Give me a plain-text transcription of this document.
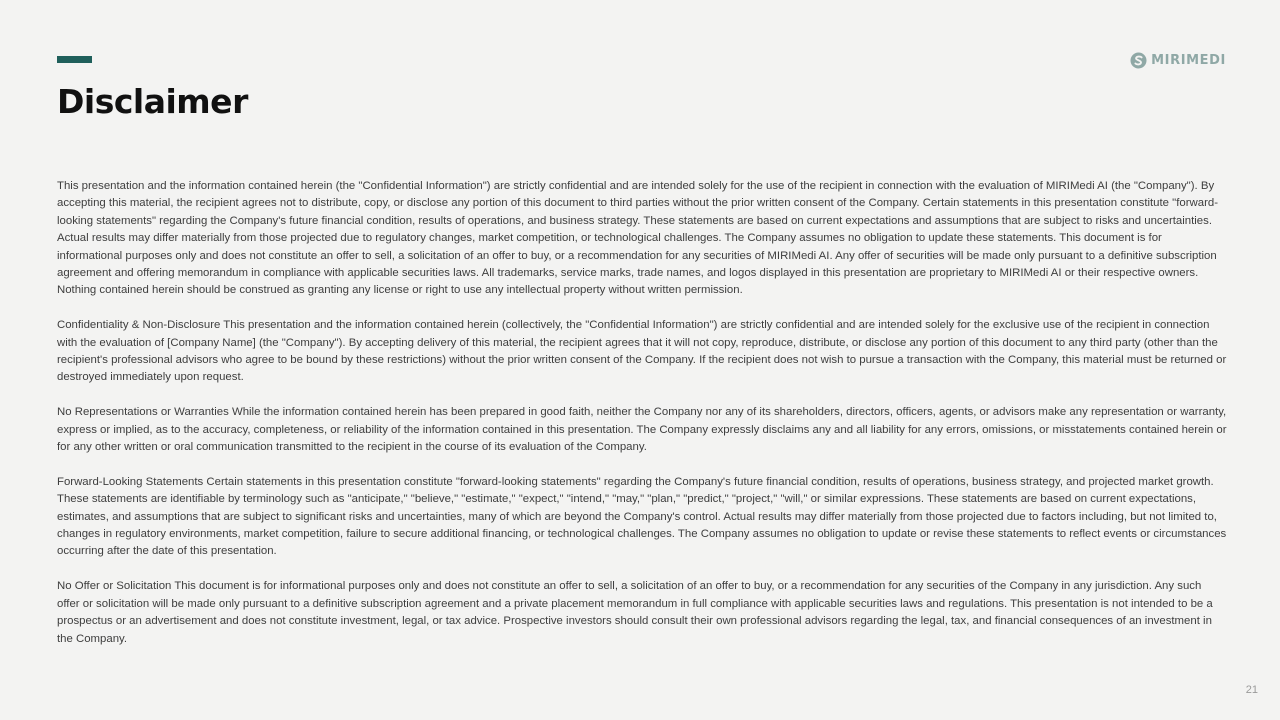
Disclaimer
MIRIMEDI

This presentation and the information contained herein (the "Confidential Information") are strictly confidential and are intended solely for the use of the recipient in connection with the evaluation of MIRIMedi AI (the "Company"). By accepting this material, the recipient agrees not to distribute, copy, or disclose any portion of this document to third parties without the prior written consent of the Company. Certain statements in this presentation constitute "forward-looking statements" regarding the Company's future financial condition, results of operations, and business strategy. These statements are based on current expectations and assumptions that are subject to risks and uncertainties. Actual results may differ materially from those projected due to regulatory changes, market competition, or technological challenges. The Company assumes no obligation to update these statements. This document is for informational purposes only and does not constitute an offer to sell, a solicitation of an offer to buy, or a recommendation for any securities of MIRIMedi AI. Any offer of securities will be made only pursuant to a definitive subscription agreement and offering memorandum in compliance with applicable securities laws. All trademarks, service marks, trade names, and logos displayed in this presentation are proprietary to MIRIMedi AI or their respective owners. Nothing contained herein should be construed as granting any license or right to use any intellectual property without written permission.

Confidentiality & Non-Disclosure This presentation and the information contained herein (collectively, the "Confidential Information") are strictly confidential and are intended solely for the exclusive use of the recipient in connection with the evaluation of [Company Name] (the "Company"). By accepting delivery of this material, the recipient agrees that it will not copy, reproduce, distribute, or disclose any portion of this document to any third party (other than the recipient's professional advisors who agree to be bound by these restrictions) without the prior written consent of the Company. If the recipient does not wish to pursue a transaction with the Company, this material must be returned or destroyed immediately upon request.

No Representations or Warranties While the information contained herein has been prepared in good faith, neither the Company nor any of its shareholders, directors, officers, agents, or advisors make any representation or warranty, express or implied, as to the accuracy, completeness, or reliability of the information contained in this presentation. The Company expressly disclaims any and all liability for any errors, omissions, or misstatements contained herein or for any other written or oral communication transmitted to the recipient in the course of its evaluation of the Company.

Forward-Looking Statements Certain statements in this presentation constitute "forward-looking statements" regarding the Company's future financial condition, results of operations, business strategy, and projected market growth. These statements are identifiable by terminology such as "anticipate," "believe," "estimate," "expect," "intend," "may," "plan," "predict," "project," "will," or similar expressions. These statements are based on current expectations, estimates, and assumptions that are subject to significant risks and uncertainties, many of which are beyond the Company's control. Actual results may differ materially from those projected due to factors including, but not limited to, changes in regulatory environments, market competition, failure to secure additional financing, or technological challenges. The Company assumes no obligation to update or revise these statements to reflect events or circumstances occurring after the date of this presentation.

No Offer or Solicitation This document is for informational purposes only and does not constitute an offer to sell, a solicitation of an offer to buy, or a recommendation for any securities of the Company in any jurisdiction. Any such offer or solicitation will be made only pursuant to a definitive subscription agreement and a private placement memorandum in full compliance with applicable securities laws and regulations. This presentation is not intended to be a prospectus or an advertisement and does not constitute investment, legal, or tax advice. Prospective investors should consult their own professional advisors regarding the legal, tax, and financial consequences of an investment in the Company.

21
